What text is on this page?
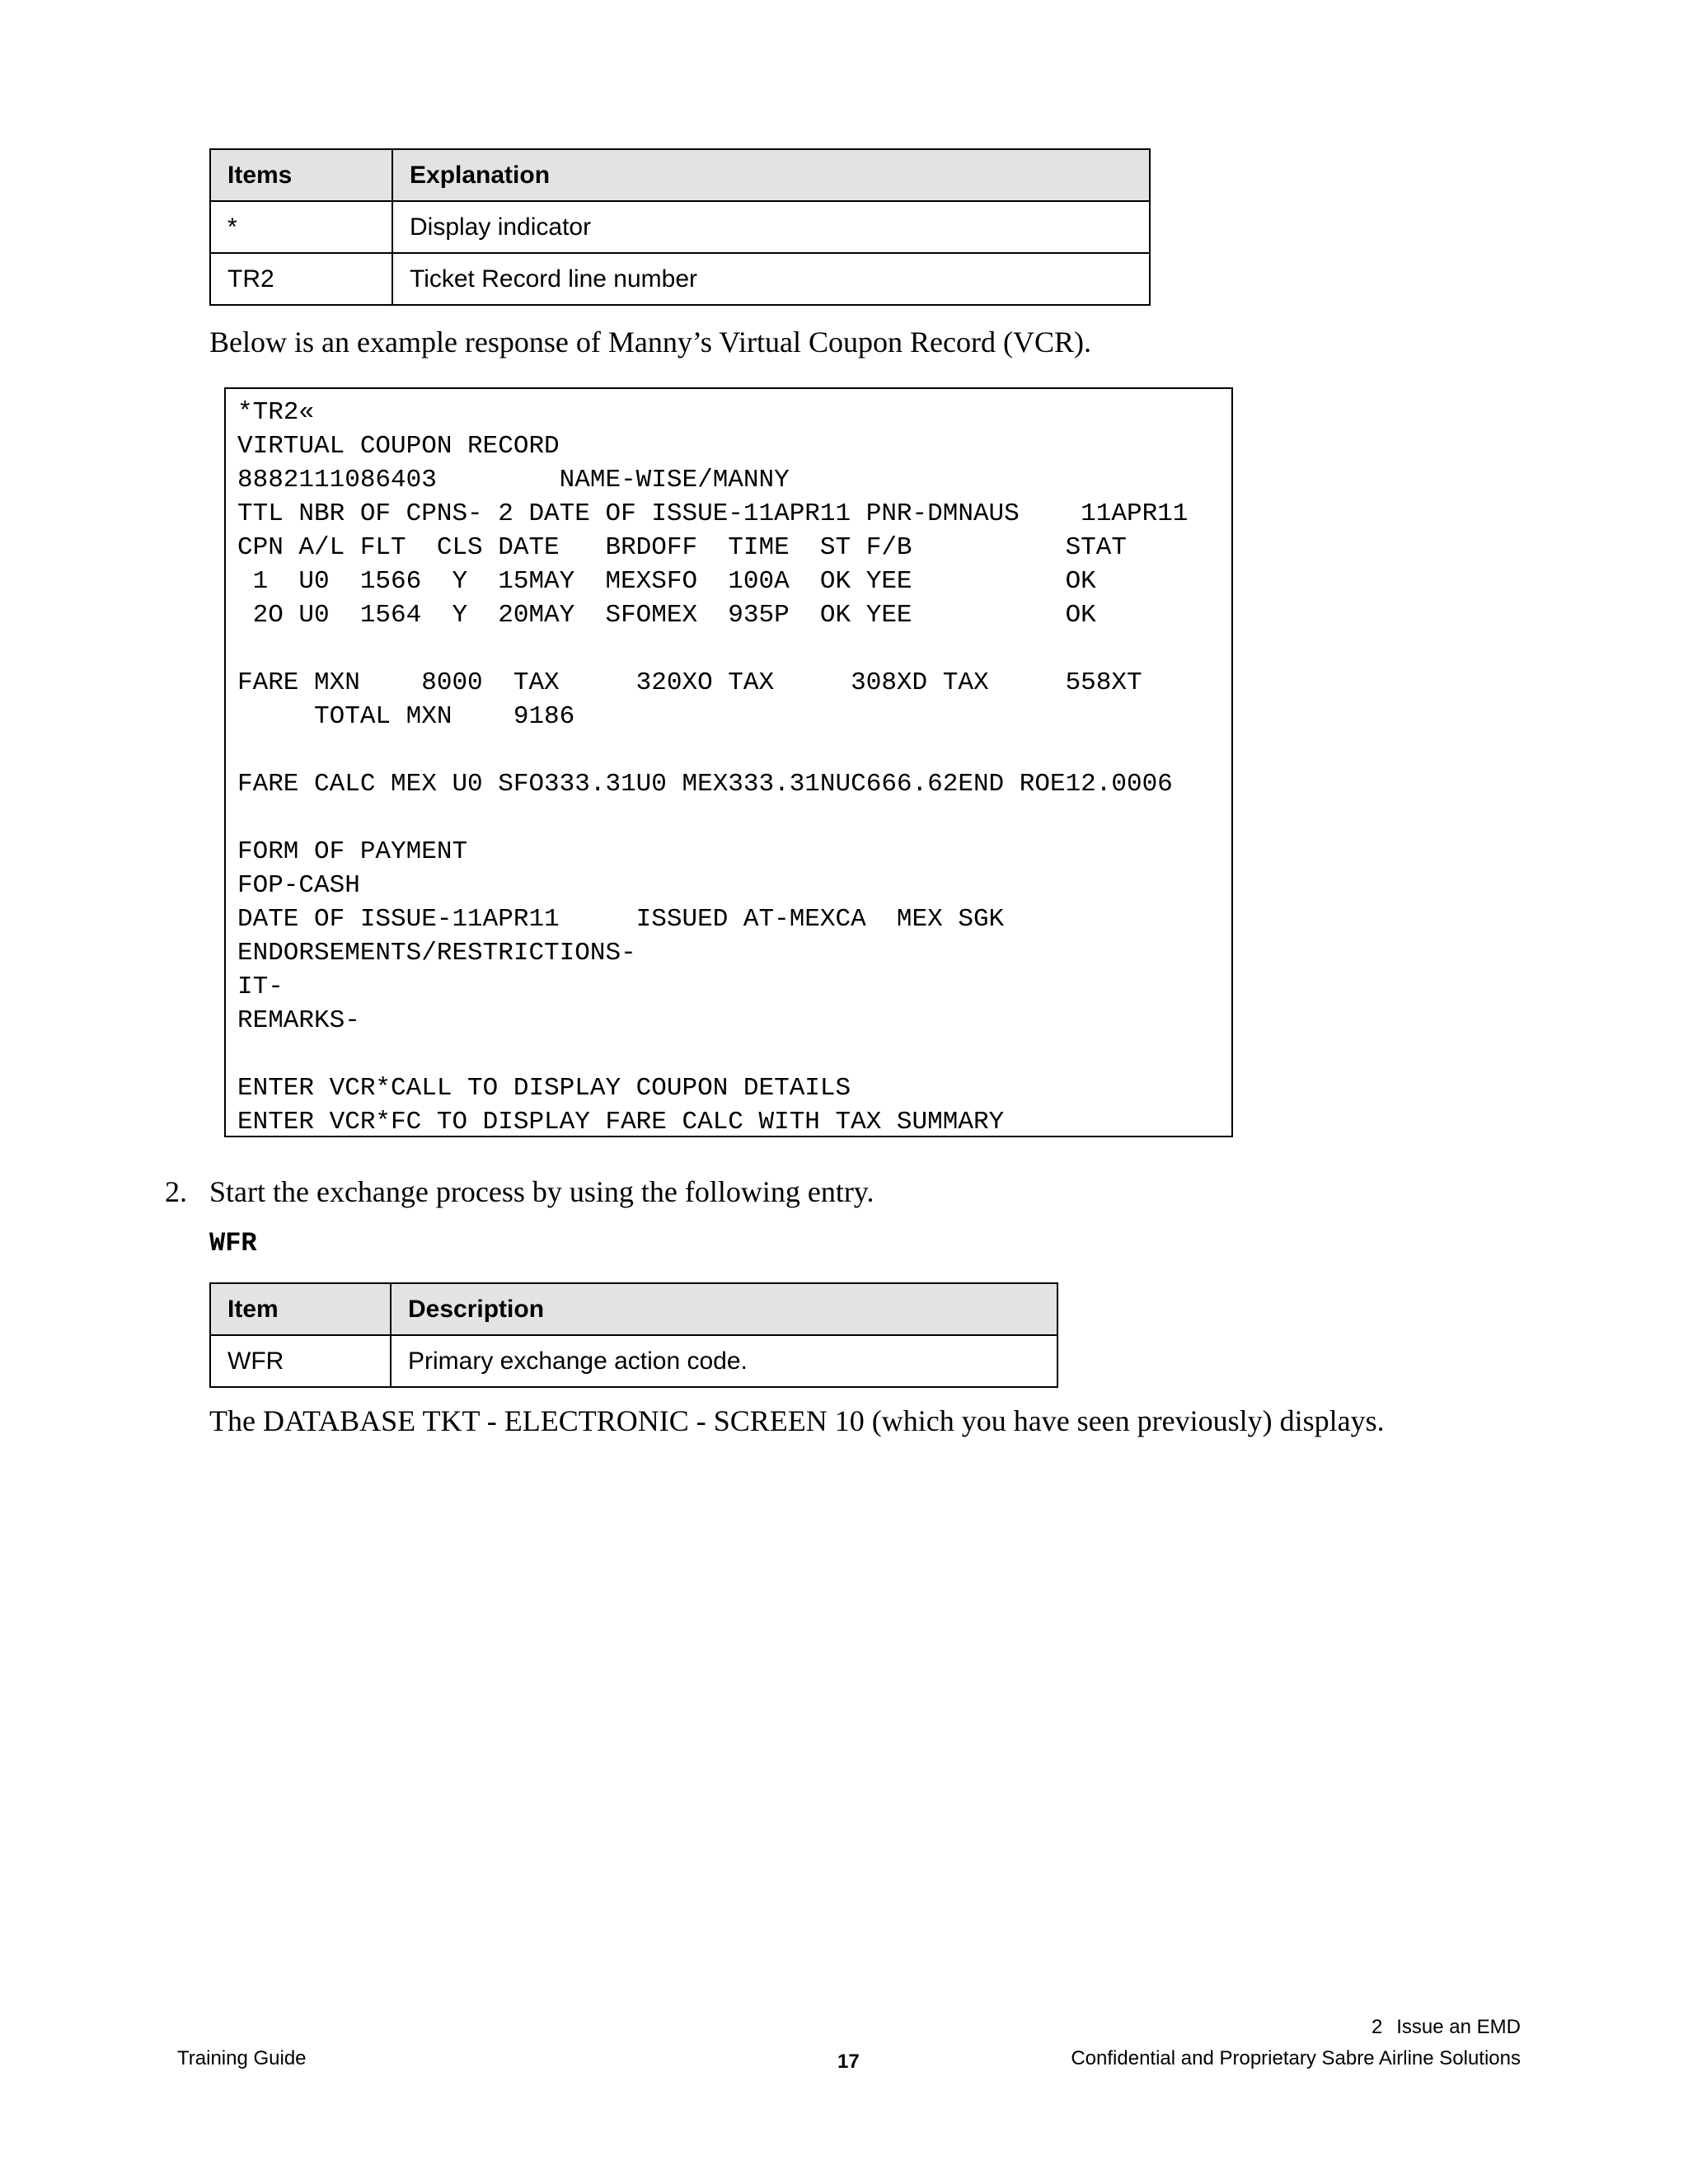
Items	Explanation
*	Display indicator
TR2	Ticket Record line number
Below is an example response of Manny’s Virtual Coupon Record (VCR).
*TR2«
VIRTUAL COUPON RECORD
8882111086403        NAME-WISE/MANNY
TTL NBR OF CPNS- 2 DATE OF ISSUE-11APR11 PNR-DMNAUS    11APR11
CPN A/L FLT  CLS DATE   BRDOFF  TIME  ST F/B          STAT
1  U0  1566  Y  15MAY  MEXSFO  100A  OK YEE          OK
2O U0  1564  Y  20MAY  SFOMEX  935P  OK YEE          OK

FARE MXN    8000  TAX     320XO TAX     308XD TAX     558XT
TOTAL MXN    9186

FARE CALC MEX U0 SFO333.31U0 MEX333.31NUC666.62END ROE12.0006

FORM OF PAYMENT
FOP-CASH
DATE OF ISSUE-11APR11     ISSUED AT-MEXCA  MEX SGK
ENDORSEMENTS/RESTRICTIONS-
IT-
REMARKS-

ENTER VCR*CALL TO DISPLAY COUPON DETAILS
ENTER VCR*FC TO DISPLAY FARE CALC WITH TAX SUMMARY
2. Start the exchange process by using the following entry.
WFR
Item	Description
WFR	Primary exchange action code.
The DATABASE TKT - ELECTRONIC - SCREEN 10 (which you have seen previously) displays.
2 Issue an EMD
Training Guide	17	Confidential and Proprietary Sabre Airline Solutions
